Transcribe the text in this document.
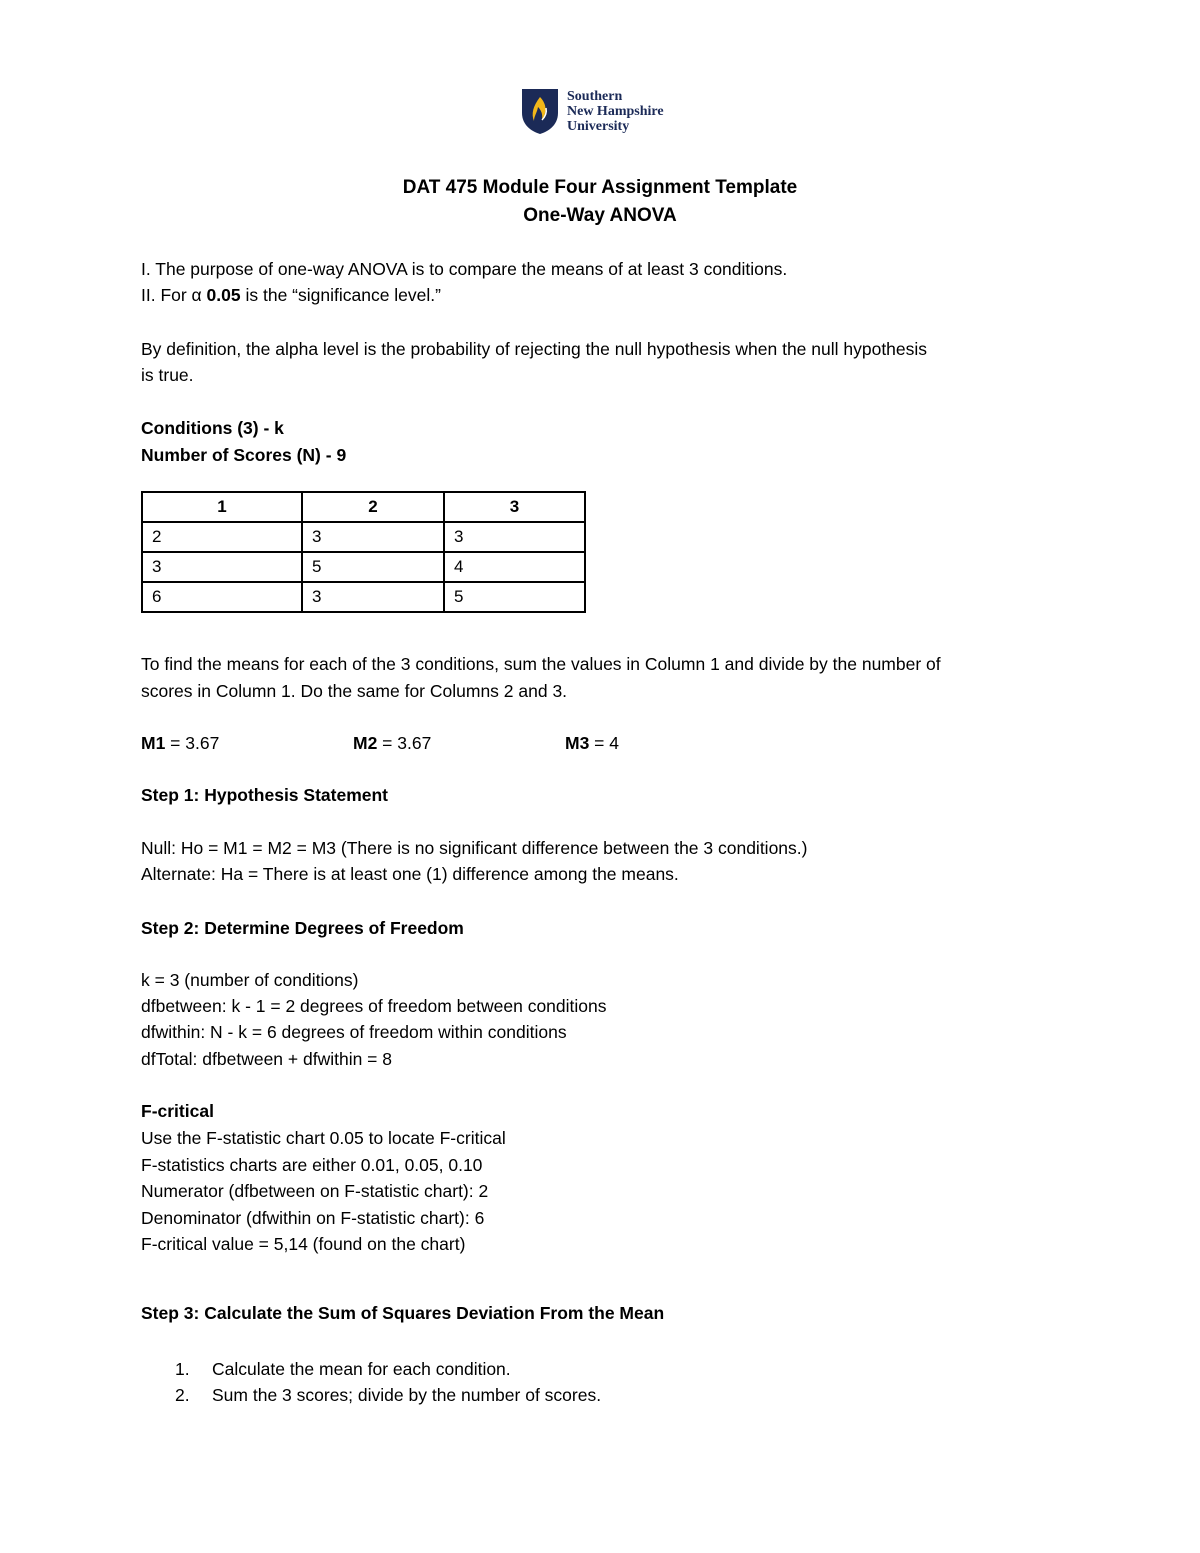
Southern
New Hampshire
University
DAT 475 Module Four Assignment Template
One-Way ANOVA
I. The purpose of one-way ANOVA is to compare the means of at least 3 conditions.
II. For α 0.05 is the “significance level.”
By definition, the alpha level is the probability of rejecting the null hypothesis when the null hypothesis
is true.
Conditions (3) - k
Number of Scores (N) - 9
1	2	3
2	3	3
3	5	4
6	3	5
To find the means for each of the 3 conditions, sum the values in Column 1 and divide by the number of
scores in Column 1. Do the same for Columns 2 and 3.
M1 = 3.67	M2 = 3.67	M3 = 4
Step 1: Hypothesis Statement
Null: Ho = M1 = M2 = M3 (There is no significant difference between the 3 conditions.)
Alternate: Ha = There is at least one (1) difference among the means.
Step 2: Determine Degrees of Freedom
k = 3 (number of conditions)
dfbetween: k - 1 = 2 degrees of freedom between conditions
dfwithin: N - k = 6 degrees of freedom within conditions
dfTotal: dfbetween + dfwithin = 8
F-critical
Use the F-statistic chart 0.05 to locate F-critical
F-statistics charts are either 0.01, 0.05, 0.10
Numerator (dfbetween on F-statistic chart): 2
Denominator (dfwithin on F-statistic chart): 6
F-critical value = 5,14 (found on the chart)
Step 3: Calculate the Sum of Squares Deviation From the Mean
1. Calculate the mean for each condition.
2. Sum the 3 scores; divide by the number of scores.
